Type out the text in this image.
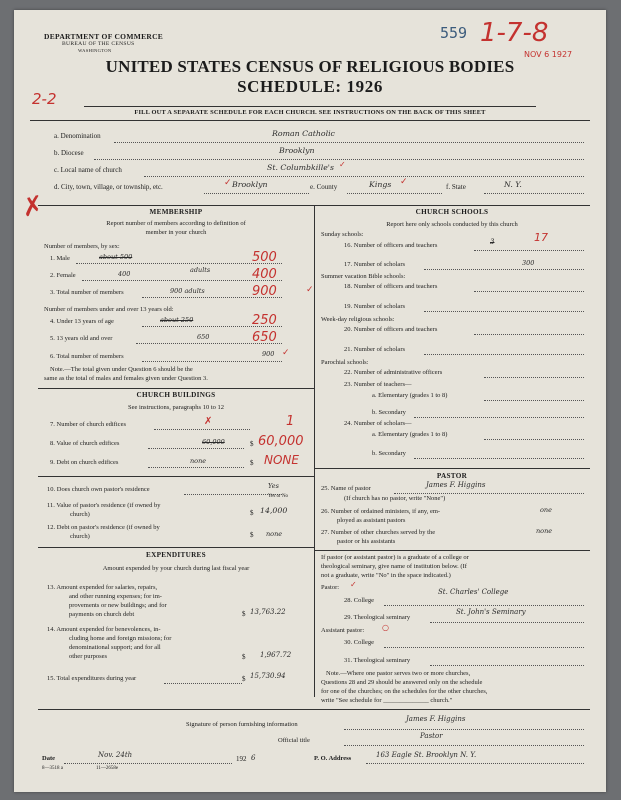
DEPARTMENT OF COMMERCE
BUREAU OF THE CENSUS
WASHINGTON
559 1-7-8
NOV 6 1927
UNITED STATES CENSUS OF RELIGIOUS BODIES
SCHEDULE: 1926
2-2
FILL OUT A SEPARATE SCHEDULE FOR EACH CHURCH. SEE INSTRUCTIONS ON THE BACK OF THIS SHEET
a. Denomination	Roman Catholic
b. Diocese	Brooklyn
c. Local name of church	St. Columbkille's ✓
d. City, town, village, or township, etc.	Brooklyn
✓	e. County	Kings ✓	f. State	N. Y.
✗	MEMBERSHIP
Report number of members according to definition of
member in your church
Number of members, by sex:
1. Male	about 500	500
2. Female	400	adults	400
3. Total number of members	900 adults	900	✓
Number of members under and over 13 years old:
4. Under 13 years of age	about 250	250
5. 13 years old and over	650	650
6. Total number of members	900 ✓
Note.—The total given under Question 6 should be the
same as the total of males and females given under Question 3.
CHURCH BUILDINGS
See instructions, paragraphs 10 to 12
7. Number of church edifices	✗	1
8. Value of church edifices	60,000	$ 60,000
9. Debt on church edifices	none	$ NONE
10. Does church own pastor's residence	Yes
Yes or No
11. Value of pastor's residence (if owned by
church)	$ 14,000
12. Debt on pastor's residence (if owned by
church)	$ none
EXPENDITURES
Amount expended by your church during last fiscal year
13. Amount expended for salaries, repairs,
and other running expenses; for im-
provements or new buildings; and for
payments on church debt	$ 13,763.22
14. Amount expended for benevolences, in-
cluding home and foreign missions; for
denominational support; and for all
other purposes	$ 1,967.72
15. Total expenditures during year	$ 15,730.94
CHURCH SCHOOLS
Report here only schools conducted by this church
Sunday schools:
16. Number of officers and teachers	3	17
17. Number of scholars	300
Summer vacation Bible schools:
18. Number of officers and teachers
19. Number of scholars
Week-day religious schools:
20. Number of officers and teachers
21. Number of scholars
Parochial schools:
22. Number of administrative officers
23. Number of teachers—
a. Elementary (grades 1 to 8)
b. Secondary
24. Number of scholars—
a. Elementary (grades 1 to 8)
b. Secondary
PASTOR
25. Name of pastor	James F. Higgins
(If church has no pastor, write "None")
26. Number of ordained ministers, if any, em-
ployed as assistant pastors
one
27. Number of other churches served by the
pastor or his assistants
none
If pastor (or assistant pastor) is a graduate of a college or
theological seminary, give name of institution below. (If
not a graduate, write "No" in the space indicated.)
Pastor: ✓
28. College
St. Charles' College
29. Theological seminary
St. John's Seminary
Assistant pastor: ○
30. College
31. Theological seminary
Note.—Where one pastor serves two or more churches,
Questions 28 and 29 should be answered only on the schedule
for one of the churches; on the schedules for the other churches,
write "See schedule for ______________ church."
Signature of person furnishing information
James F. Higgins
Official title
Pastor
Date	Nov. 24th	192 6	P. O. Address	163 Eagle St. Brooklyn N. Y.
8—3518 a	11—2658e
